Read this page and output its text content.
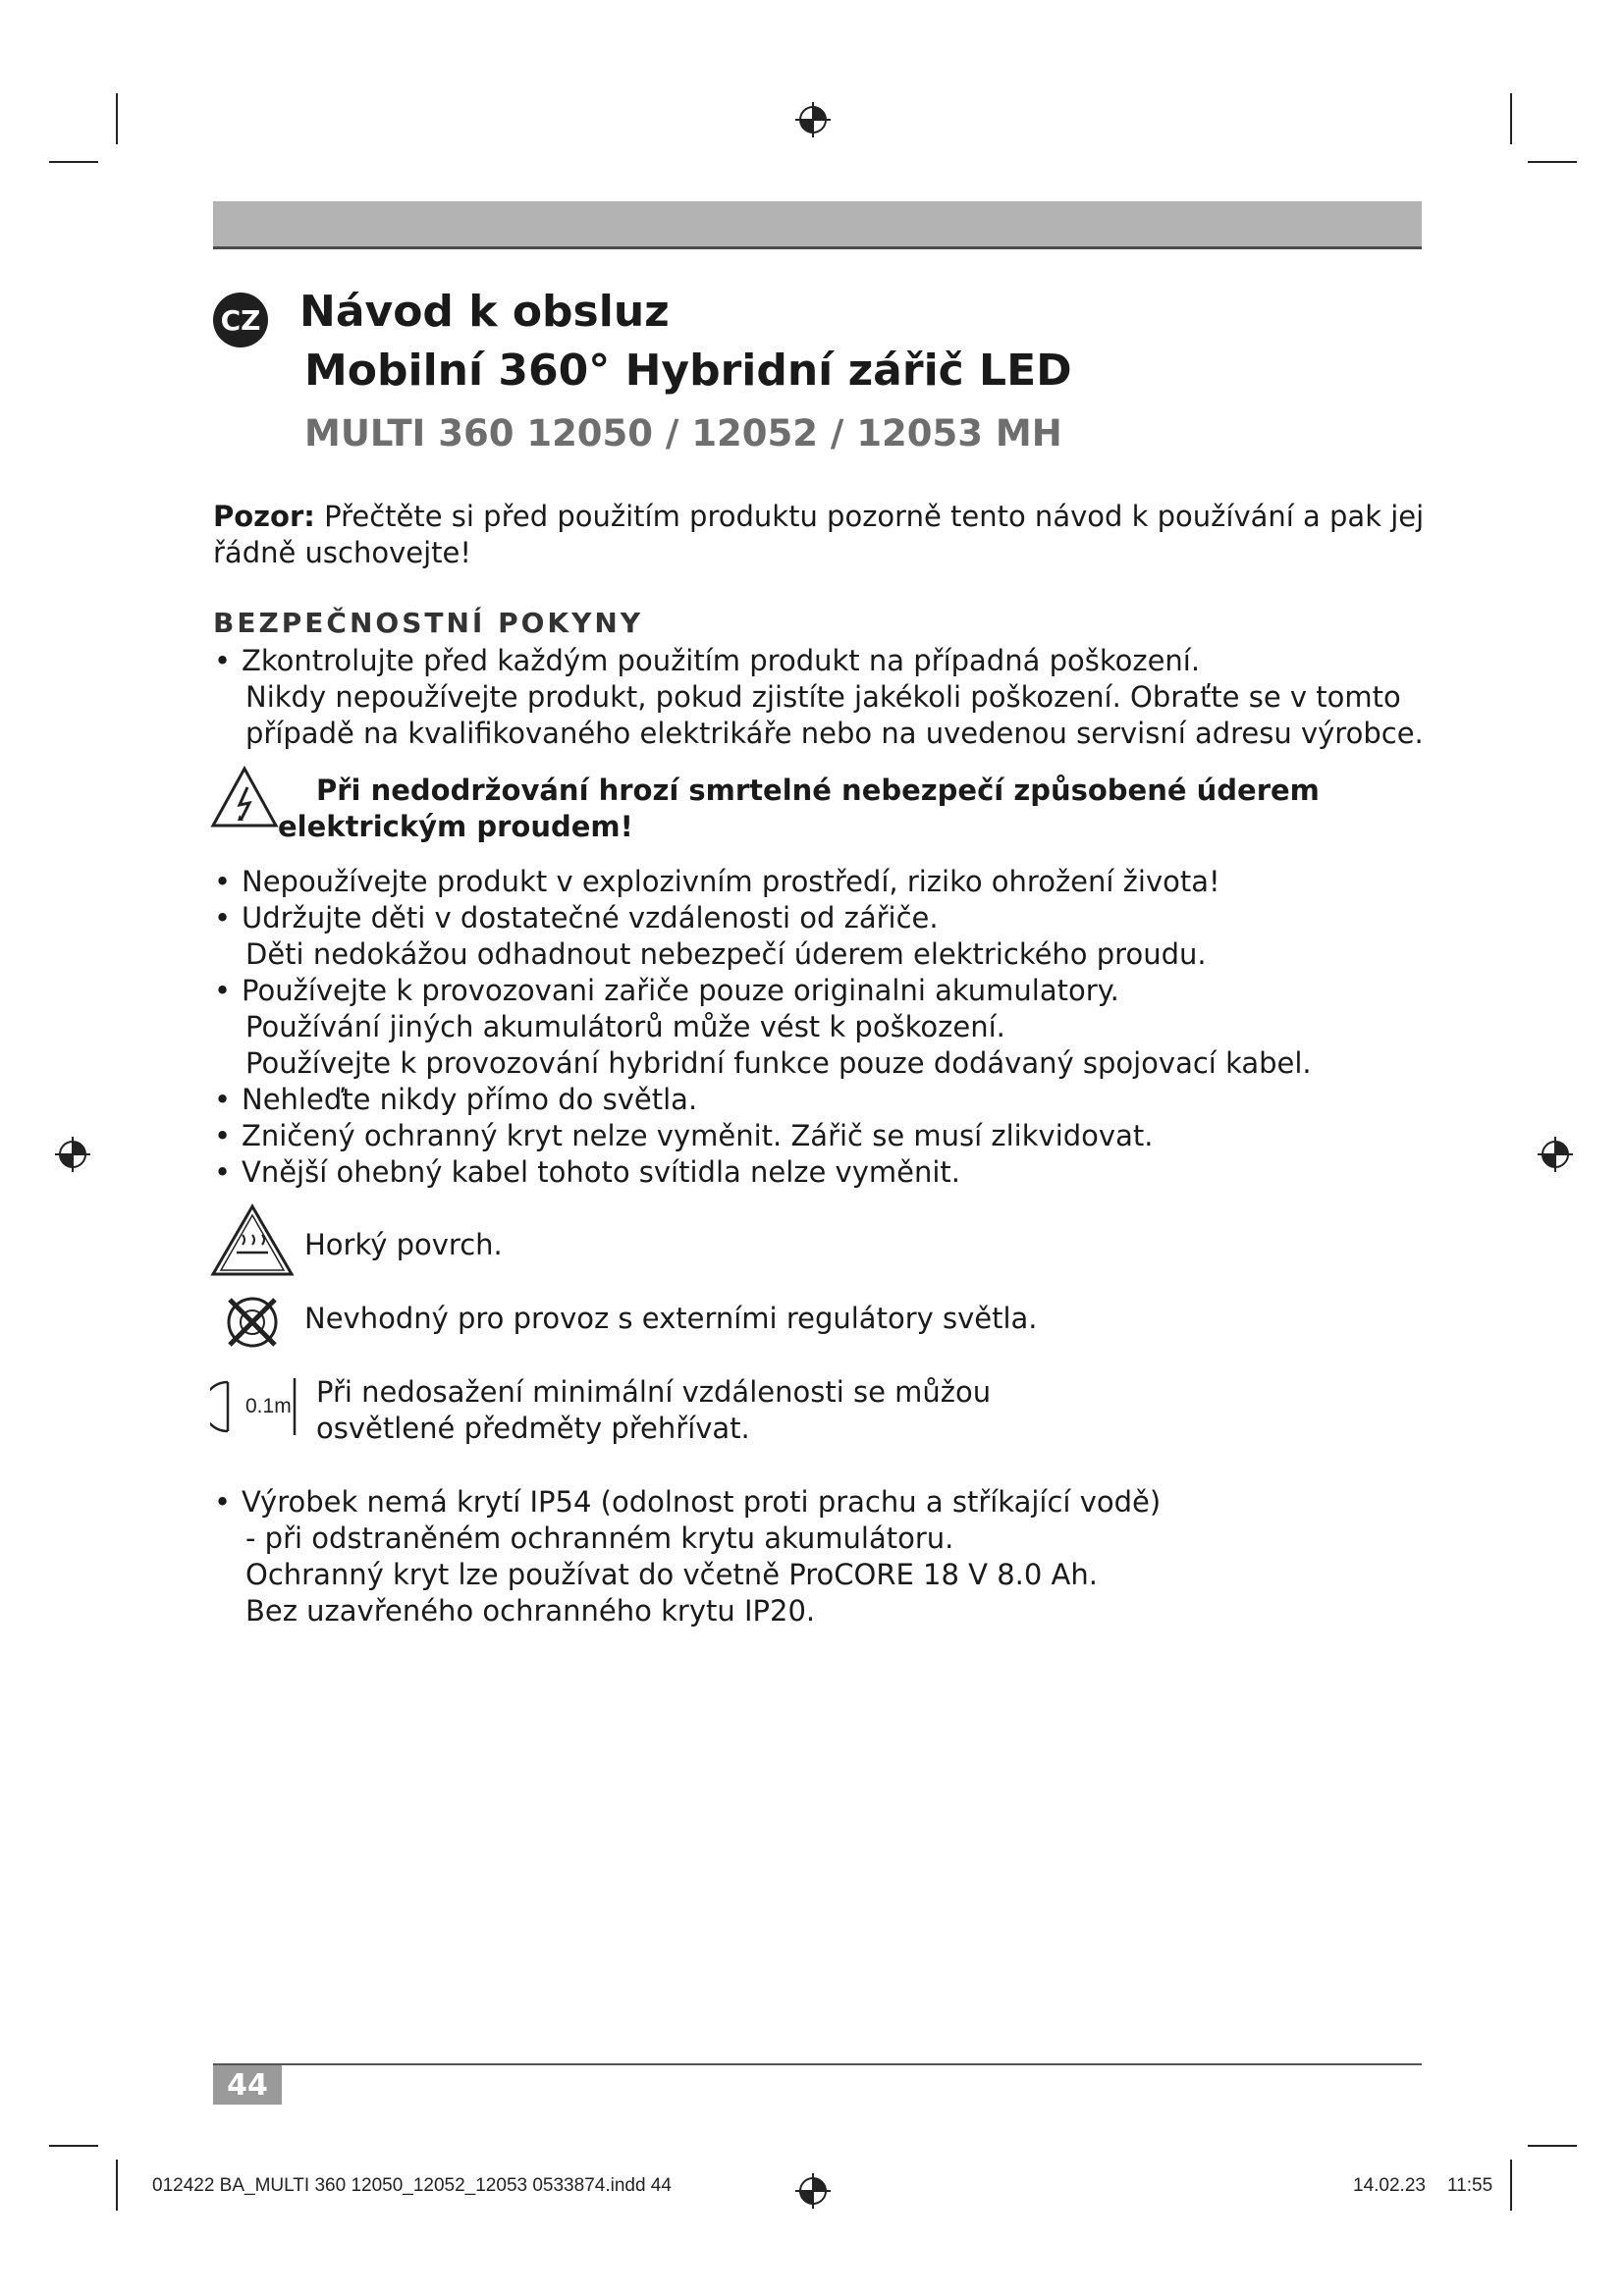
CZ Návod k obsluz
Mobilní 360° Hybridní zářič LED
MULTI 360 12050 / 12052 / 12053 MH
Pozor: Přečtěte si před použitím produktu pozorně tento návod k používání a pak jej
řádně uschovejte!
BEZPEČNOSTNÍ POKYNY
• Zkontrolujte před každým použitím produkt na případná poškození.
Nikdy nepoužívejte produkt, pokud zjistíte jakékoli poškození. Obraťte se v tomto
případě na kvalifikovaného elektrikáře nebo na uvedenou servisní adresu výrobce.
Při nedodržování hrozí smrtelné nebezpečí způsobené úderem
elektrickým proudem!
• Nepoužívejte produkt v explozivním prostředí, riziko ohrožení života!
• Udržujte děti v dostatečné vzdálenosti od zářiče.
Děti nedokážou odhadnout nebezpečí úderem elektrického proudu.
• Používejte k provozovani zařiče pouze originalni akumulatory.
Používání jiných akumulátorů může vést k poškození.
Používejte k provozování hybridní funkce pouze dodávaný spojovací kabel.
• Nehleďte nikdy přímo do světla.
• Zničený ochranný kryt nelze vyměnit. Zářič se musí zlikvidovat.
• Vnější ohebný kabel tohoto svítidla nelze vyměnit.
Horký povrch.
Nevhodný pro provoz s externími regulátory světla.
0.1m Při nedosažení minimální vzdálenosti se můžou
osvětlené předměty přehřívat.
• Výrobek nemá krytí IP54 (odolnost proti prachu a stříkající vodě)
- při odstraněném ochranném krytu akumulátoru.
Ochranný kryt lze používat do včetně ProCORE 18 V 8.0 Ah.
Bez uzavřeného ochranného krytu IP20.
44
012422 BA_MULTI 360 12050_12052_12053 0533874.indd 44	14.02.23 11:55
